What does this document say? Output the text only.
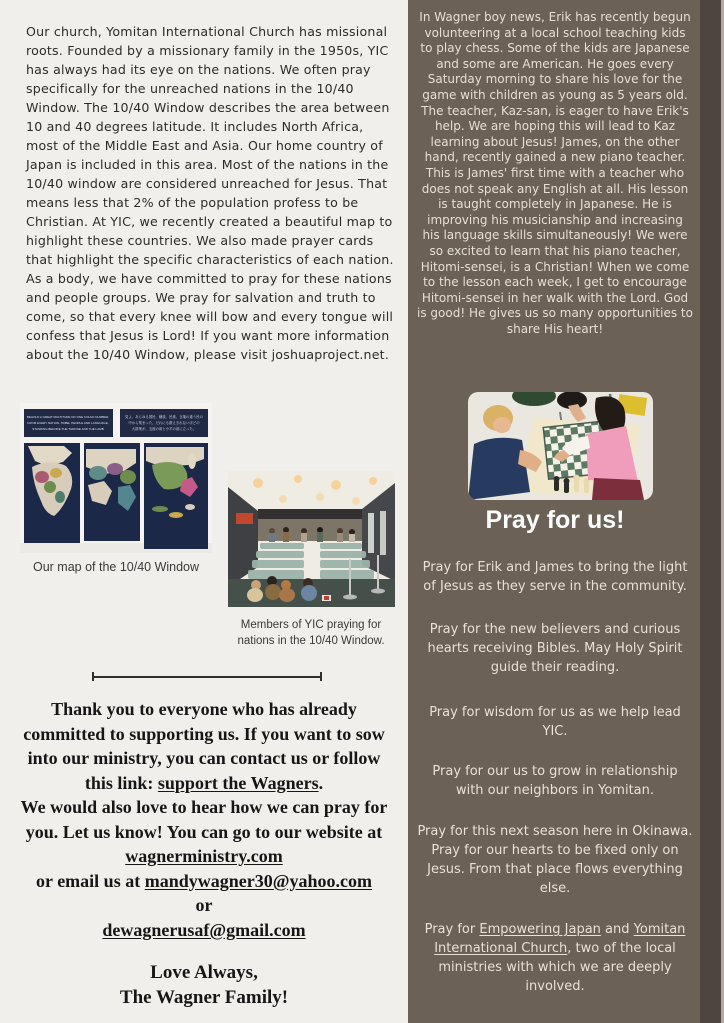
Our church, Yomitan International Church has missional roots. Founded by a missionary family in the 1950s, YIC has always had its eye on the nations. We often pray specifically for the unreached nations in the 10/40 Window. The 10/40 Window describes the area between 10 and 40 degrees latitude. It includes North Africa, most of the Middle East and Asia. Our home country of Japan is included in this area. Most of the nations in the 10/40 window are considered unreached for Jesus. That means less that 2% of the population profess to be Christian. At YIC, we recently created a beautiful map to highlight these countries. We also made prayer cards that highlight the specific characteristics of each nation. As a body, we have committed to pray for these nations and people groups. We pray for salvation and truth to come, so that every knee will bow and every tongue will confess that Jesus is Lord! If you want more information about the 10/40 Window, please visit joshuaproject.net.

BEHOLD A GREAT MULTITUDE NO ONE COULD NUMBER,
FROM EVERY NATION, TRIBE, PEOPLE AND LANGUAGE,
STANDING BEFORE THE THRONE AND THE LAMB
見よ、あらゆる国民、種族、民族、言葉の違う民の
中から集まった、だれにも数えきれないほどの
大群衆が、玉座の前と小羊の前に立った。

Our map of the 10/40 Window

Members of YIC praying for
nations in the 10/40 Window.

Thank you to everyone who has already committed to supporting us. If you want to sow into our ministry, you can contact us or follow this link: support the Wagners.
We would also love to hear how we can pray for you. Let us know! You can go to our website at wagnerministry.com
or email us at mandywagner30@yahoo.com
or
dewagnerusaf@gmail.com

Love Always,
The Wagner Family!

In Wagner boy news, Erik has recently begun volunteering at a local school teaching kids to play chess. Some of the kids are Japanese and some are American. He goes every Saturday morning to share his love for the game with children as young as 5 years old. The teacher, Kaz-san, is eager to have Erik's help. We are hoping this will lead to Kaz learning about Jesus! James, on the other hand, recently gained a new piano teacher. This is James' first time with a teacher who does not speak any English at all. His lesson is taught completely in Japanese. He is improving his musicianship and increasing his language skills simultaneously! We were so excited to learn that his piano teacher, Hitomi-sensei, is a Christian! When we come to the lesson each week, I get to encourage Hitomi-sensei in her walk with the Lord. God is good! He gives us so many opportunities to share His heart!

Pray for us!

Pray for Erik and James to bring the light of Jesus as they serve in the community.

Pray for the new believers and curious hearts receiving Bibles. May Holy Spirit guide their reading.

Pray for wisdom for us as we help lead YIC.

Pray for our us to grow in relationship with our neighbors in Yomitan.

Pray for this next season here in Okinawa. Pray for our hearts to be fixed only on Jesus. From that place flows everything else.

Pray for Empowering Japan and Yomitan International Church, two of the local ministries with which we are deeply involved.
